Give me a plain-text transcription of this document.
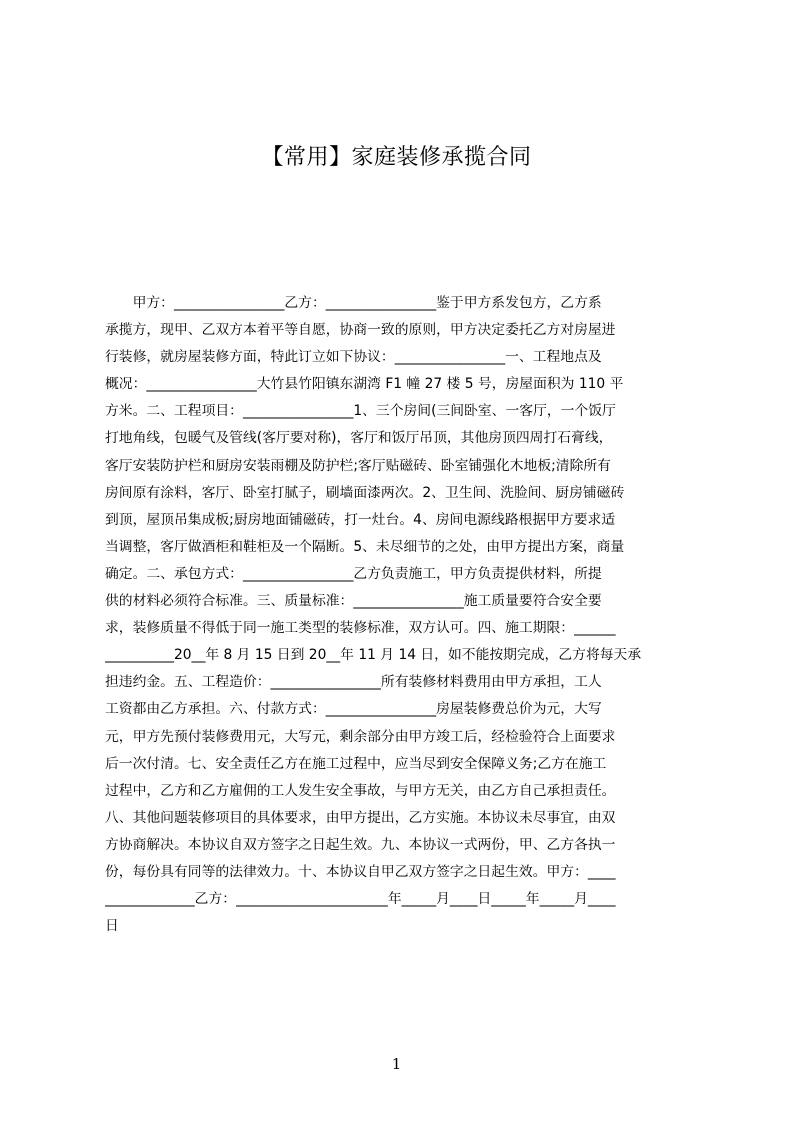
【常用】家庭装修承揽合同
　　甲方：________________乙方：________________鉴于甲方系发包方，乙方系
承揽方，现甲、乙双方本着平等自愿，协商一致的原则，甲方决定委托乙方对房屋进
行装修，就房屋装修方面，特此订立如下协议：________________一、工程地点及
概况：________________大竹县竹阳镇东湖湾 F1 幢 27 楼 5 号，房屋面积为 110 平
方米。二、工程项目：________________1、三个房间(三间卧室、一客厅，一个饭厅
打地角线，包暖气及管线(客厅要对称)，客厅和饭厅吊顶，其他房顶四周打石膏线，
客厅安装防护栏和厨房安装雨棚及防护栏;客厅贴磁砖、卧室铺强化木地板;清除所有
房间原有涂料，客厅、卧室打腻子，刷墙面漆两次。2、卫生间、洗脸间、厨房铺磁砖
到顶，屋顶吊集成板;厨房地面铺磁砖，打一灶台。4、房间电源线路根据甲方要求适
当调整，客厅做酒柜和鞋柜及一个隔断。5、未尽细节的之处，由甲方提出方案，商量
确定。二、承包方式：________________乙方负责施工，甲方负责提供材料，所提
供的材料必须符合标准。三、质量标准：________________施工质量要符合安全要
求，装修质量不得低于同一施工类型的装修标准，双方认可。四、施工期限：______
__________20__年 8 月 15 日到 20__年 11 月 14 日，如不能按期完成，乙方将每天承
担违约金。五、工程造价：________________所有装修材料费用由甲方承担，工人
工资都由乙方承担。六、付款方式：________________房屋装修费总价为元，大写
元，甲方先预付装修费用元，大写元，剩余部分由甲方竣工后，经检验符合上面要求
后一次付清。七、安全责任乙方在施工过程中，应当尽到安全保障义务;乙方在施工
过程中，乙方和乙方雇佣的工人发生安全事故，与甲方无关，由乙方自己承担责任。
八、其他问题装修项目的具体要求，由甲方提出，乙方实施。本协议未尽事宜，由双
方协商解决。本协议自双方签字之日起生效。九、本协议一式两份，甲、乙方各执一
份，每份具有同等的法律效力。十、本协议自甲乙双方签字之日起生效。甲方：____
_____________乙方：______________________年_____月____日_____年_____月____
日
1
